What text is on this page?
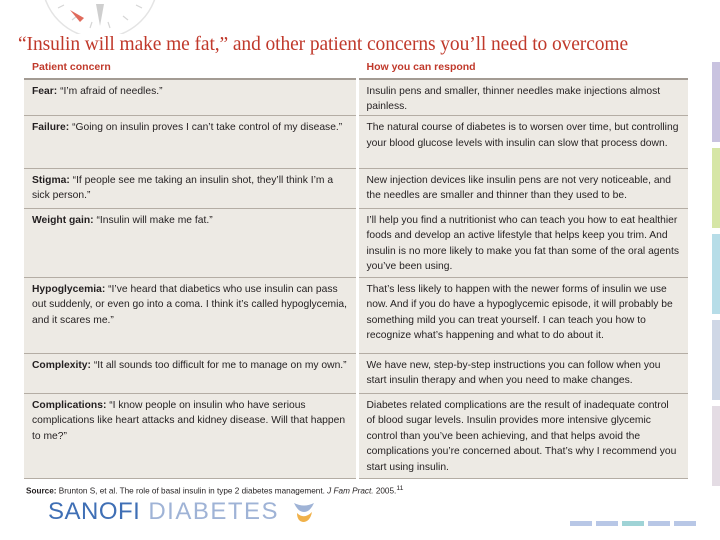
“Insulin will make me fat,” and other patient concerns you’ll need to overcome
Patient concern	How you can respond
Fear: “I’m afraid of needles.”	Insulin pens and smaller, thinner needles make injections almost painless.
Failure: “Going on insulin proves I can’t take control of my disease.”	The natural course of diabetes is to worsen over time, but controlling your blood glucose levels with insulin can slow that process down.
Stigma: “If people see me taking an insulin shot, they’ll think I’m a sick person.”	New injection devices like insulin pens are not very noticeable, and the needles are smaller and thinner than they used to be.
Weight gain: “Insulin will make me fat.”	I’ll help you find a nutritionist who can teach you how to eat healthier foods and develop an active lifestyle that helps keep you trim. And insulin is no more likely to make you fat than some of the oral agents you’ve been using.
Hypoglycemia: “I’ve heard that diabetics who use insulin can pass out suddenly, or even go into a coma. I think it’s called hypoglycemia, and it scares me.”	That’s less likely to happen with the newer forms of insulin we use now. And if you do have a hypoglycemic episode, it will probably be something mild you can treat yourself. I can teach you how to recognize what’s happening and what to do about it.
Complexity: “It all sounds too difficult for me to manage on my own.”	We have new, step-by-step instructions you can follow when you start insulin therapy and when you need to make changes.
Complications: “I know people on insulin who have serious complications like heart attacks and kidney disease. Will that happen to me?”	Diabetes related complications are the result of inadequate control of blood sugar levels. Insulin provides more intensive glycemic control than you’ve been achieving, and that helps avoid the complications you’re concerned about. That’s why I recommend you start using insulin.
Source: Brunton S, et al. The role of basal insulin in type 2 diabetes management. J Fam Pract. 2005.11
SANOFI DIABETES
